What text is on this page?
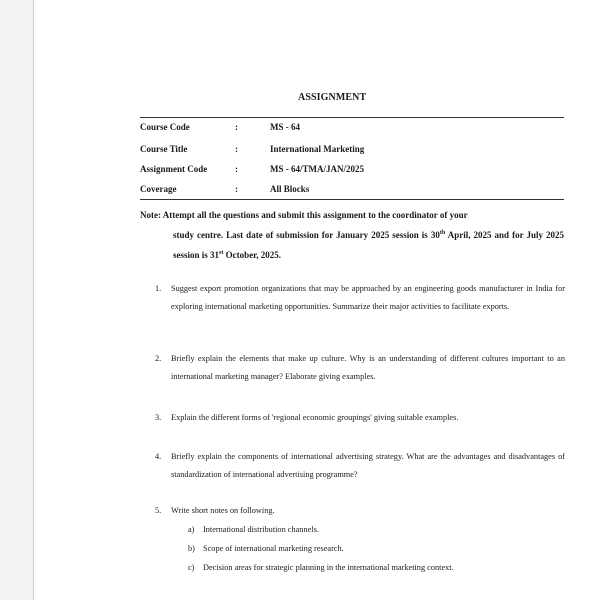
ASSIGNMENT
Course Code	:	MS - 64
Course Title	:	International Marketing
Assignment Code	:	MS - 64/TMA/JAN/2025
Coverage	:	All Blocks
Note: Attempt all the questions and submit this assignment to the coordinator of your
study centre. Last date of submission for January 2025 session is 30th April, 2025 and for July 2025 session is 31st October, 2025.
1. Suggest export promotion organizations that may be approached by an engineering goods manufacturer in India for exploring international marketing opportunities. Summarize their major activities to facilitate exports.
2. Briefly explain the elements that make up culture. Why is an understanding of different cultures important to an international marketing manager? Elaborate giving examples.
3. Explain the different forms of 'regional economic groupings' giving suitable examples.
4. Briefly explain the components of international advertising strategy. What are the advantages and disadvantages of standardization of international advertising programme?
5. Write short notes on following.
a) International distribution channels.
b) Scope of international marketing research.
c) Decision areas for strategic planning in the international marketing context.
